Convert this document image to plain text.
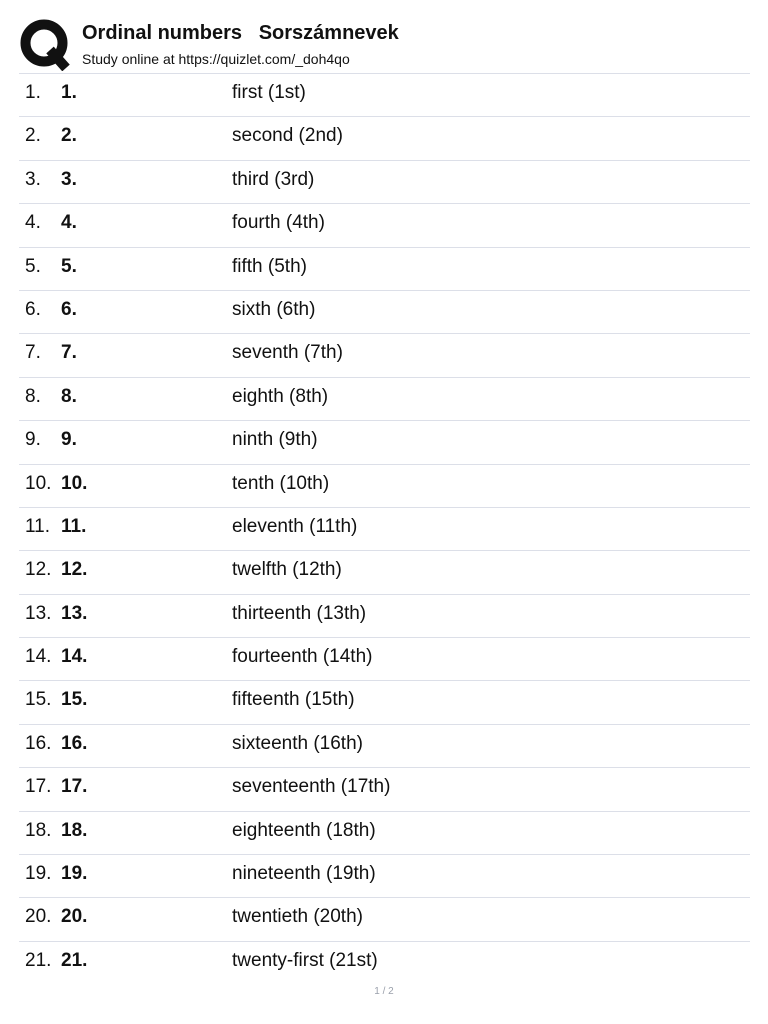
Ordinal numbers   Sorszámnevek
Study online at https://quizlet.com/_doh4qo
1. 1.	first (1st)
2. 2.	second (2nd)
3. 3.	third (3rd)
4. 4.	fourth (4th)
5. 5.	fifth (5th)
6. 6.	sixth (6th)
7. 7.	seventh (7th)
8. 8.	eighth (8th)
9. 9.	ninth (9th)
10. 10.	tenth (10th)
11. 11.	eleventh (11th)
12. 12.	twelfth (12th)
13. 13.	thirteenth (13th)
14. 14.	fourteenth (14th)
15. 15.	fifteenth (15th)
16. 16.	sixteenth (16th)
17. 17.	seventeenth (17th)
18. 18.	eighteenth (18th)
19. 19.	nineteenth (19th)
20. 20.	twentieth (20th)
21. 21.	twenty-first (21st)
1 / 2
